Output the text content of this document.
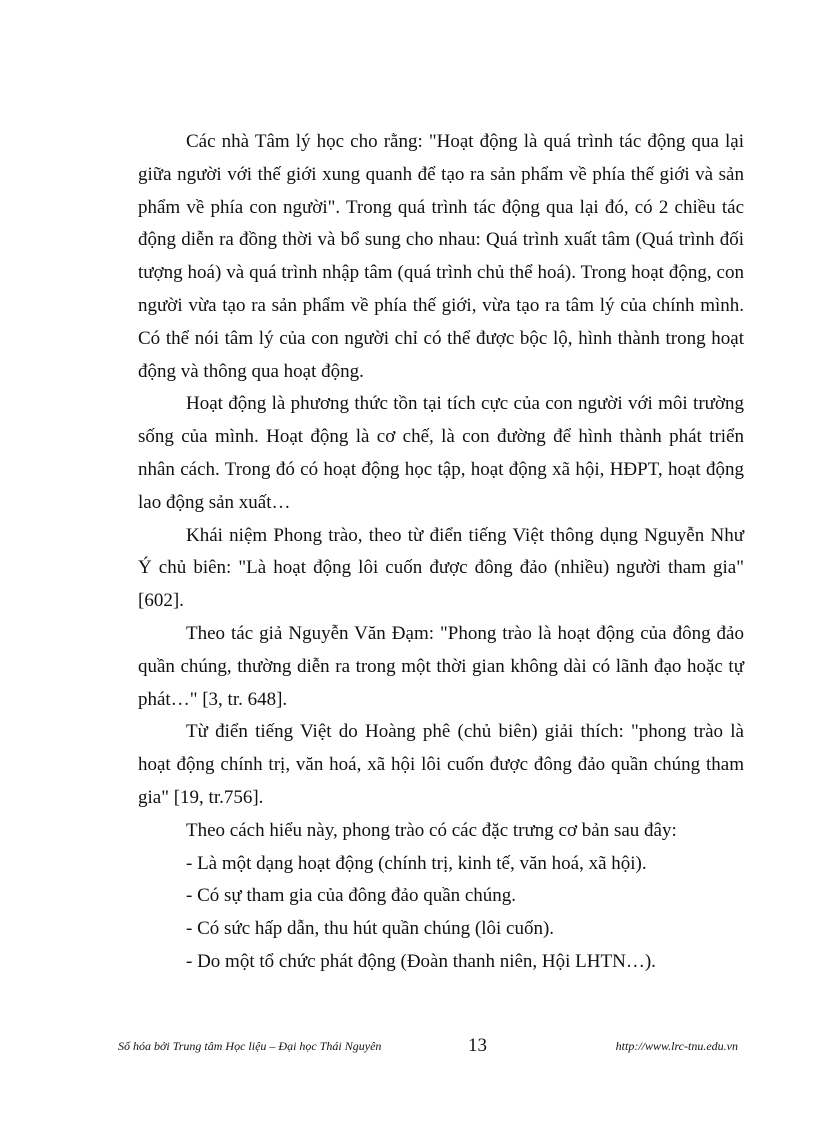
Các nhà Tâm lý học cho rằng: "Hoạt động là quá trình tác động qua lại giữa người với thế giới xung quanh để tạo ra sản phẩm về phía thế giới và sản phẩm về phía con người". Trong quá trình tác động qua lại đó, có 2 chiều tác động diễn ra đồng thời và bổ sung cho nhau: Quá trình xuất tâm (Quá trình đối tượng hoá) và quá trình nhập tâm (quá trình chủ thể hoá). Trong hoạt động, con người vừa tạo ra sản phẩm về phía thế giới, vừa tạo ra tâm lý của chính mình. Có thể nói tâm lý của con người chỉ có thể được bộc lộ, hình thành trong hoạt động và thông qua hoạt động.

Hoạt động là phương thức tồn tại tích cực của con người với môi trường sống của mình. Hoạt động là cơ chế, là con đường để hình thành phát triển nhân cách. Trong đó có hoạt động học tập, hoạt động xã hội, HĐPT, hoạt động lao động sản xuất…

Khái niệm Phong trào, theo từ điển tiếng Việt thông dụng Nguyễn Như Ý chủ biên: "Là hoạt động lôi cuốn được đông đảo (nhiều) người tham gia" [602].

Theo tác giả Nguyễn Văn Đạm: "Phong trào là hoạt động của đông đảo quần chúng, thường diễn ra trong một thời gian không dài có lãnh đạo hoặc tự phát…" [3, tr. 648].

Từ điển tiếng Việt do Hoàng phê (chủ biên) giải thích: "phong trào là hoạt động chính trị, văn hoá, xã hội lôi cuốn được đông đảo quần chúng tham gia" [19, tr.756].

Theo cách hiểu này, phong trào có các đặc trưng cơ bản sau đây:

- Là một dạng hoạt động (chính trị, kinh tế, văn hoá, xã hội).

- Có sự tham gia của đông đảo quần chúng.

- Có sức hấp dẫn, thu hút quần chúng (lôi cuốn).

- Do một tổ chức phát động (Đoàn thanh niên, Hội LHTN…).

Số hóa bởi Trung tâm Học liệu – Đại học Thái Nguyên	13	http://www.lrc-tnu.edu.vn
